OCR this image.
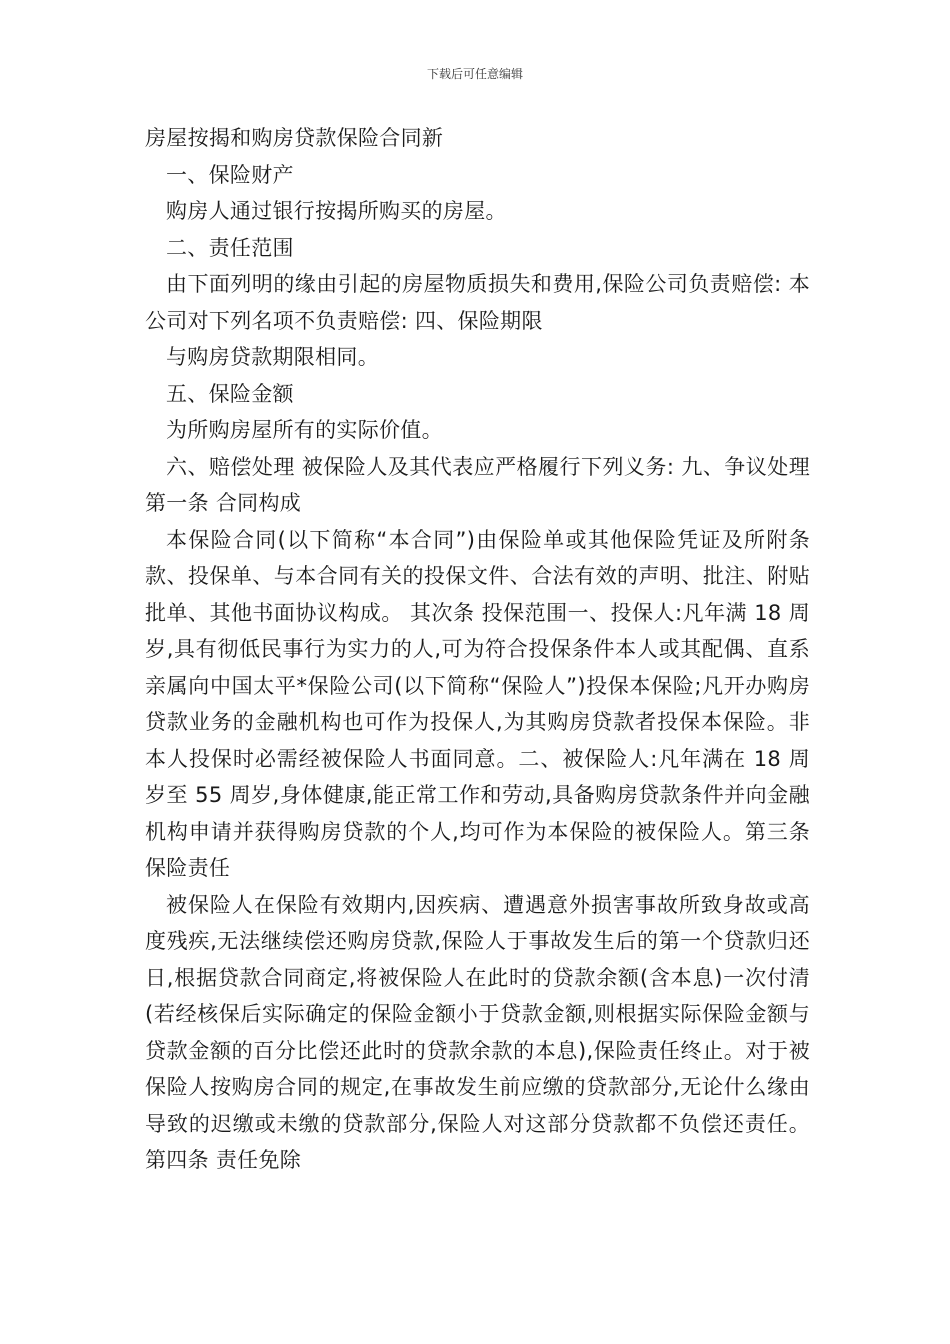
下载后可任意编辑

房屋按揭和购房贷款保险合同新

一、保险财产

购房人通过银行按揭所购买的房屋。

二、责任范围

由下面列明的缘由引起的房屋物质损失和费用,保险公司负责赔偿: 本公司对下列名项不负责赔偿: 四、保险期限

与购房贷款期限相同。

五、保险金额

为所购房屋所有的实际价值。

六、赔偿处理 被保险人及其代表应严格履行下列义务: 九、争议处理 第一条 合同构成

本保险合同(以下简称“本合同”)由保险单或其他保险凭证及所附条款、投保单、与本合同有关的投保文件、合法有效的声明、批注、附贴批单、其他书面协议构成。 其次条 投保范围一、投保人:凡年满 18 周岁,具有彻低民事行为实力的人,可为符合投保条件本人或其配偶、直系亲属向中国太平*保险公司(以下简称“保险人”)投保本保险;凡开办购房贷款业务的金融机构也可作为投保人,为其购房贷款者投保本保险。非本人投保时必需经被保险人书面同意。二、被保险人:凡年满在 18 周岁至 55 周岁,身体健康,能正常工作和劳动,具备购房贷款条件并向金融机构申请并获得购房贷款的个人,均可作为本保险的被保险人。第三条 保险责任

被保险人在保险有效期内,因疾病、遭遇意外损害事故所致身故或高度残疾,无法继续偿还购房贷款,保险人于事故发生后的第一个贷款归还日,根据贷款合同商定,将被保险人在此时的贷款余额(含本息)一次付清(若经核保后实际确定的保险金额小于贷款金额,则根据实际保险金额与贷款金额的百分比偿还此时的贷款余款的本息),保险责任终止。对于被保险人按购房合同的规定,在事故发生前应缴的贷款部分,无论什么缘由导致的迟缴或未缴的贷款部分,保险人对这部分贷款都不负偿还责任。第四条 责任免除
